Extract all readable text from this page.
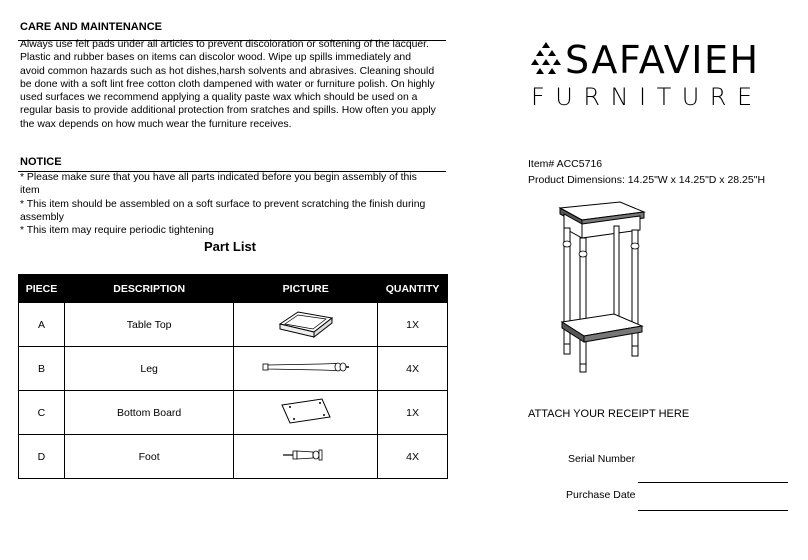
CARE AND MAINTENANCE
Always use felt pads under all articles to prevent discoloration or softening of the lacquer.
Plastic and rubber bases on items can discolor wood. Wipe up spills immediately and
avoid common hazards such as hot dishes,harsh solvents and abrasives. Cleaning should
be done with a soft lint free cotton cloth dampened with water or furniture polish. On highly
used surfaces we recommend applying a quality paste wax which should be used on a
regular basis to provide additional protection from sratches and spills. How often you apply
the wax depends on how much wear the furniture receives.
NOTICE
* Please make sure that you have all parts indicated before you begin assembly of this
item
* This item should be assembled on a soft surface to prevent scratching the finish during
assembly
* This item may require periodic tightening
Part List
PIECE	DESCRIPTION	PICTURE	QUANTITY
A	Table Top		1X
B	Leg		4X
C	Bottom Board		1X
D	Foot		4X
SAFAVIEH
FURNITURE
Item# ACC5716
Product Dimensions: 14.25"W x 14.25"D x 28.25"H
ATTACH YOUR RECEIPT HERE
Serial Number
Purchase Date
